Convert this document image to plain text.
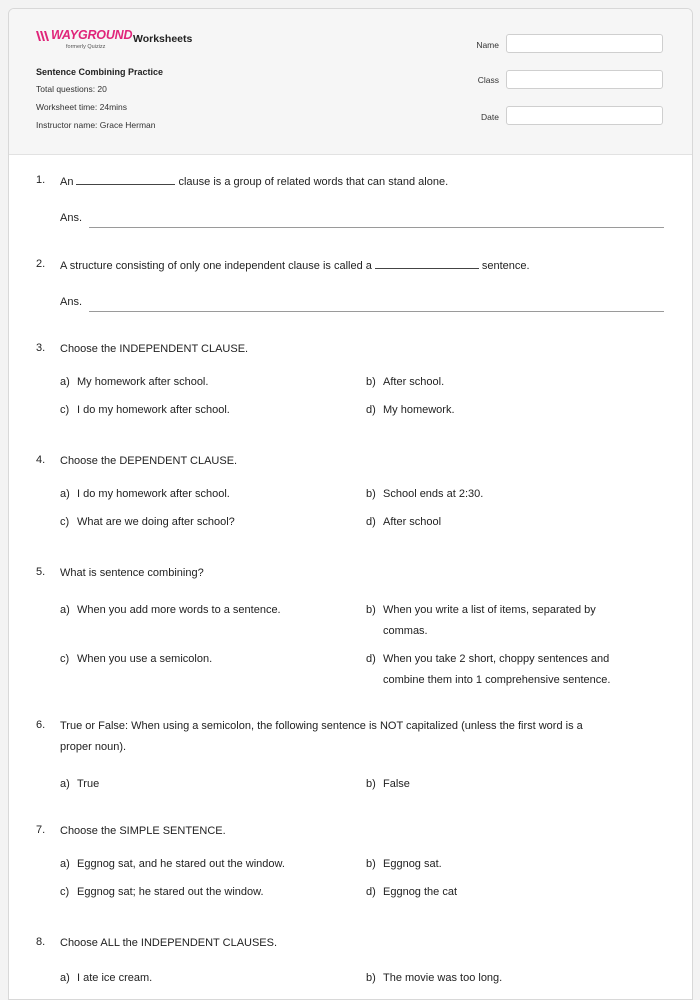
WAYGROUND
formerly Quizizz
Worksheets
Sentence Combining Practice
Total questions: 20
Worksheet time: 24mins
Instructor name: Grace Herman
Name
Class
Date
1. An	clause is a group of related words that can stand alone.
Ans.
2. A structure consisting of only one independent clause is called a	sentence.
Ans.
3. Choose the INDEPENDENT CLAUSE.
a) My homework after school.	b) After school.
c) I do my homework after school.	d) My homework.
4. Choose the DEPENDENT CLAUSE.
a) I do my homework after school.	b) School ends at 2:30.
c) What are we doing after school?	d) After school
5. What is sentence combining?
a) When you add more words to a sentence.	b) When you write a list of items, separated by
commas.
c) When you use a semicolon.	d) When you take 2 short, choppy sentences and
combine them into 1 comprehensive sentence.
6. True or False: When using a semicolon, the following sentence is NOT capitalized (unless the first word is a
proper noun).
a) True	b) False
7. Choose the SIMPLE SENTENCE.
a) Eggnog sat, and he stared out the window.	b) Eggnog sat.
c) Eggnog sat; he stared out the window.	d) Eggnog the cat
8. Choose ALL the INDEPENDENT CLAUSES.
a) I ate ice cream.	b) The movie was too long.
